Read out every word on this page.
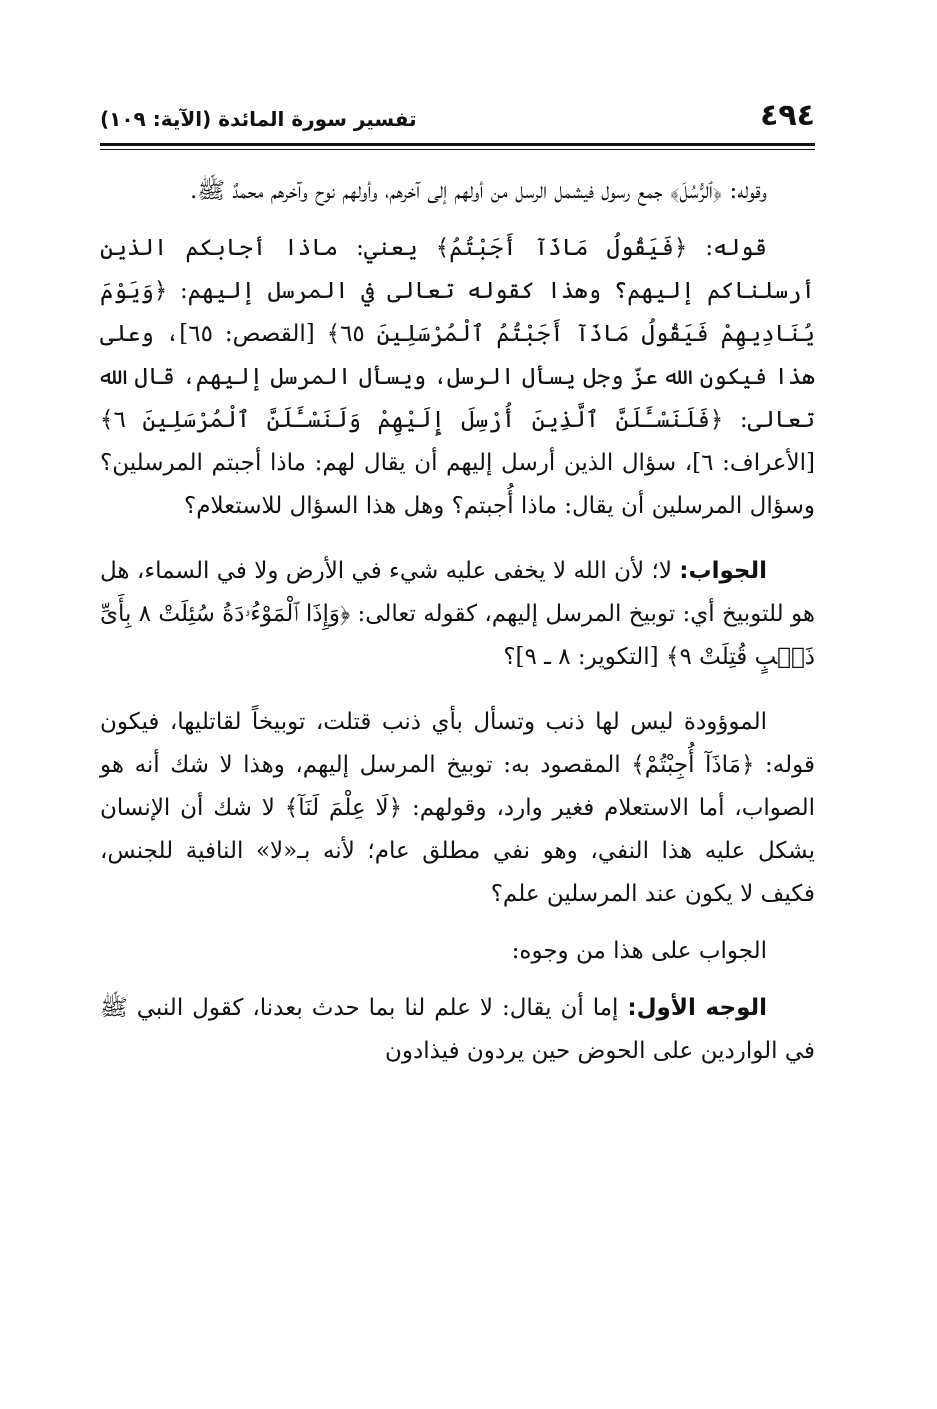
٤٩٤
تفسير سورة المائدة (الآية: ١٠٩)

وقوله: ﴿ٱلرُّسُلَ﴾ جمع رسول فيشمل الرسل من أولهم إلى آخرهم، وأولهم نوح وآخرهم محمدٌ ﷺ.

قوله: ﴿فَيَقُولُ مَاذَآ أَجَبْتُمُ﴾ يعني: ماذا أجابكم الذين أرسلناكم إليهم؟ وهذا كقوله تعالى في المرسل إليهم: ﴿وَيَوْمَ يُنَادِيهِمْ فَيَقُولُ مَاذَآ أَجَبْتُمُ ٱلْمُرْسَلِينَ ٦٥﴾ [القصص: ٦٥]، وعلى هذا فيكون الله عزّ وجل يسأل الرسل، ويسأل المرسل إليهم، قال الله تعالى: ﴿فَلَنَسْـَٔلَنَّ ٱلَّذِينَ أُرْسِلَ إِلَيْهِمْ وَلَنَسْـَٔلَنَّ ٱلْمُرْسَلِينَ ٦﴾ [الأعراف: ٦]، سؤال الذين أرسل إليهم أن يقال لهم: ماذا أجبتم المرسلين؟ وسؤال المرسلين أن يقال: ماذا أُجبتم؟ وهل هذا السؤال للاستعلام؟

الجواب: لا؛ لأن الله لا يخفى عليه شيء في الأرض ولا في السماء، هل هو للتوبيخ أي: توبيخ المرسل إليهم، كقوله تعالى: ﴿وَإِذَا ٱلْمَوْءُۥدَةُ سُئِلَتْ ٨ بِأَىِّ ذَنۢبٍ قُتِلَتْ ٩﴾ [التكوير: ٨ ـ ٩]؟

الموؤودة ليس لها ذنب وتسأل بأي ذنب قتلت، توبيخاً لقاتليها، فيكون قوله: ﴿مَاذَآ أُجِبْتُمْ﴾ المقصود به: توبيخ المرسل إليهم، وهذا لا شك أنه هو الصواب، أما الاستعلام فغير وارد، وقولهم: ﴿لَا عِلْمَ لَنَآ﴾ لا شك أن الإنسان يشكل عليه هذا النفي، وهو نفي مطلق عام؛ لأنه بـ«لا» النافية للجنس، فكيف لا يكون عند المرسلين علم؟

الجواب على هذا من وجوه:

الوجه الأول: إما أن يقال: لا علم لنا بما حدث بعدنا، كقول النبي ﷺ في الواردين على الحوض حين يردون فيذادون
